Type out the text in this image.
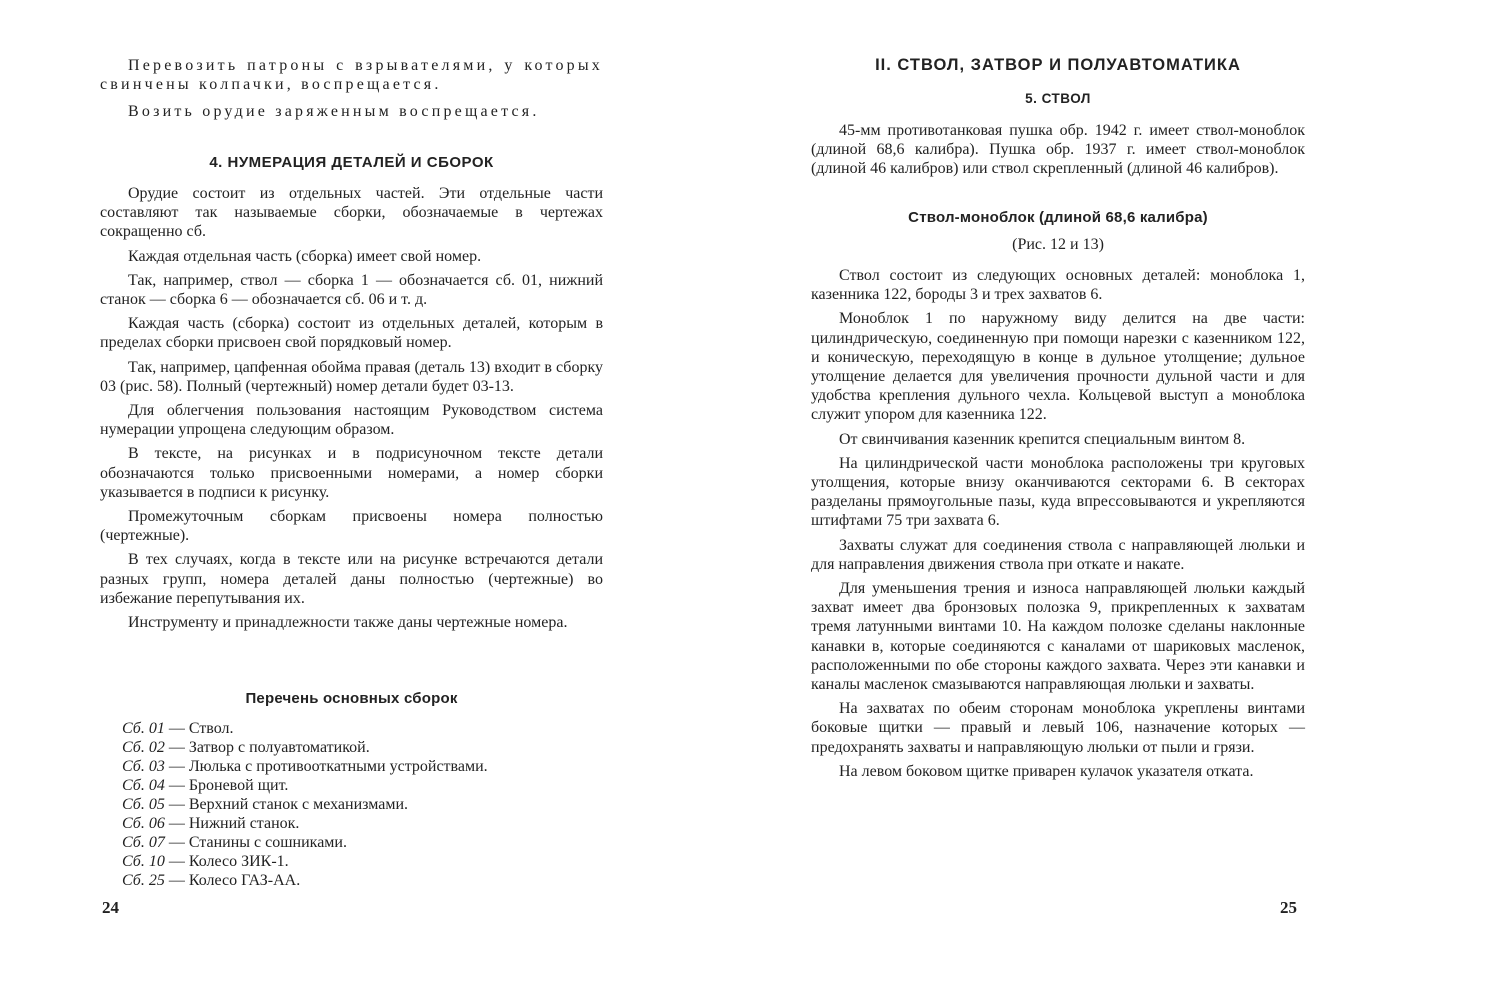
Перевозить патроны с взрывателями, у которых свинчены колпачки, воспрещается.

Возить орудие заряженным воспрещается.

4. НУМЕРАЦИЯ ДЕТАЛЕЙ И СБОРОК

Орудие состоит из отдельных частей. Эти отдельные части составляют так называемые сборки, обозначаемые в чертежах сокращенно сб.

Каждая отдельная часть (сборка) имеет свой номер.

Так, например, ствол — сборка 1 — обозначается сб. 01, нижний станок — сборка 6 — обозначается сб. 06 и т. д.

Каждая часть (сборка) состоит из отдельных деталей, которым в пределах сборки присвоен свой порядковый номер.

Так, например, цапфенная обойма правая (деталь 13) входит в сборку 03 (рис. 58). Полный (чертежный) номер детали будет 03-13.

Для облегчения пользования настоящим Руководством система нумерации упрощена следующим образом.

В тексте, на рисунках и в подрисуночном тексте детали обозначаются только присвоенными номерами, а номер сборки указывается в подписи к рисунку.

Промежуточным сборкам присвоены номера полностью (чертежные).

В тех случаях, когда в тексте или на рисунке встречаются детали разных групп, номера деталей даны полностью (чертежные) во избежание перепутывания их.

Инструменту и принадлежности также даны чертежные номера.

Перечень основных сборок
Сб. 01 — Ствол.
Сб. 02 — Затвор с полуавтоматикой.
Сб. 03 — Люлька с противооткатными устройствами.
Сб. 04 — Броневой щит.
Сб. 05 — Верхний станок с механизмами.
Сб. 06 — Нижний станок.
Сб. 07 — Станины с сошниками.
Сб. 10 — Колесо ЗИК-1.
Сб. 25 — Колесо ГАЗ-АА.
24
II. СТВОЛ, ЗАТВОР И ПОЛУАВТОМАТИКА
5. СТВОЛ

45-мм противотанковая пушка обр. 1942 г. имеет ствол-моноблок (длиной 68,6 калибра). Пушка обр. 1937 г. имеет ствол-моноблок (длиной 46 калибров) или ствол скрепленный (длиной 46 калибров).

Ствол-моноблок (длиной 68,6 калибра)
(Рис. 12 и 13)

Ствол состоит из следующих основных деталей: моноблока 1, казенника 122, бороды 3 и трех захватов 6.

Моноблок 1 по наружному виду делится на две части: цилиндрическую, соединенную при помощи нарезки с казенником 122, и коническую, переходящую в конце в дульное утолщение; дульное утолщение делается для увеличения прочности дульной части и для удобства крепления дульного чехла. Кольцевой выступ а моноблока служит упором для казенника 122.

От свинчивания казенник крепится специальным винтом 8.

На цилиндрической части моноблока расположены три круговых утолщения, которые внизу оканчиваются секторами 6. В секторах разделаны прямоугольные пазы, куда впрессовываются и укрепляются штифтами 75 три захвата 6.

Захваты служат для соединения ствола с направляющей люльки и для направления движения ствола при откате и накате.

Для уменьшения трения и износа направляющей люльки каждый захват имеет два бронзовых полозка 9, прикрепленных к захватам тремя латунными винтами 10. На каждом полозке сделаны наклонные канавки в, которые соединяются с каналами от шариковых масленок, расположенными по обе стороны каждого захвата. Через эти канавки и каналы масленок смазываются направляющая люльки и захваты.

На захватах по обеим сторонам моноблока укреплены винтами боковые щитки — правый и левый 106, назначение которых — предохранять захваты и направляющую люльки от пыли и грязи.

На левом боковом щитке приварен кулачок указателя отката.

25
